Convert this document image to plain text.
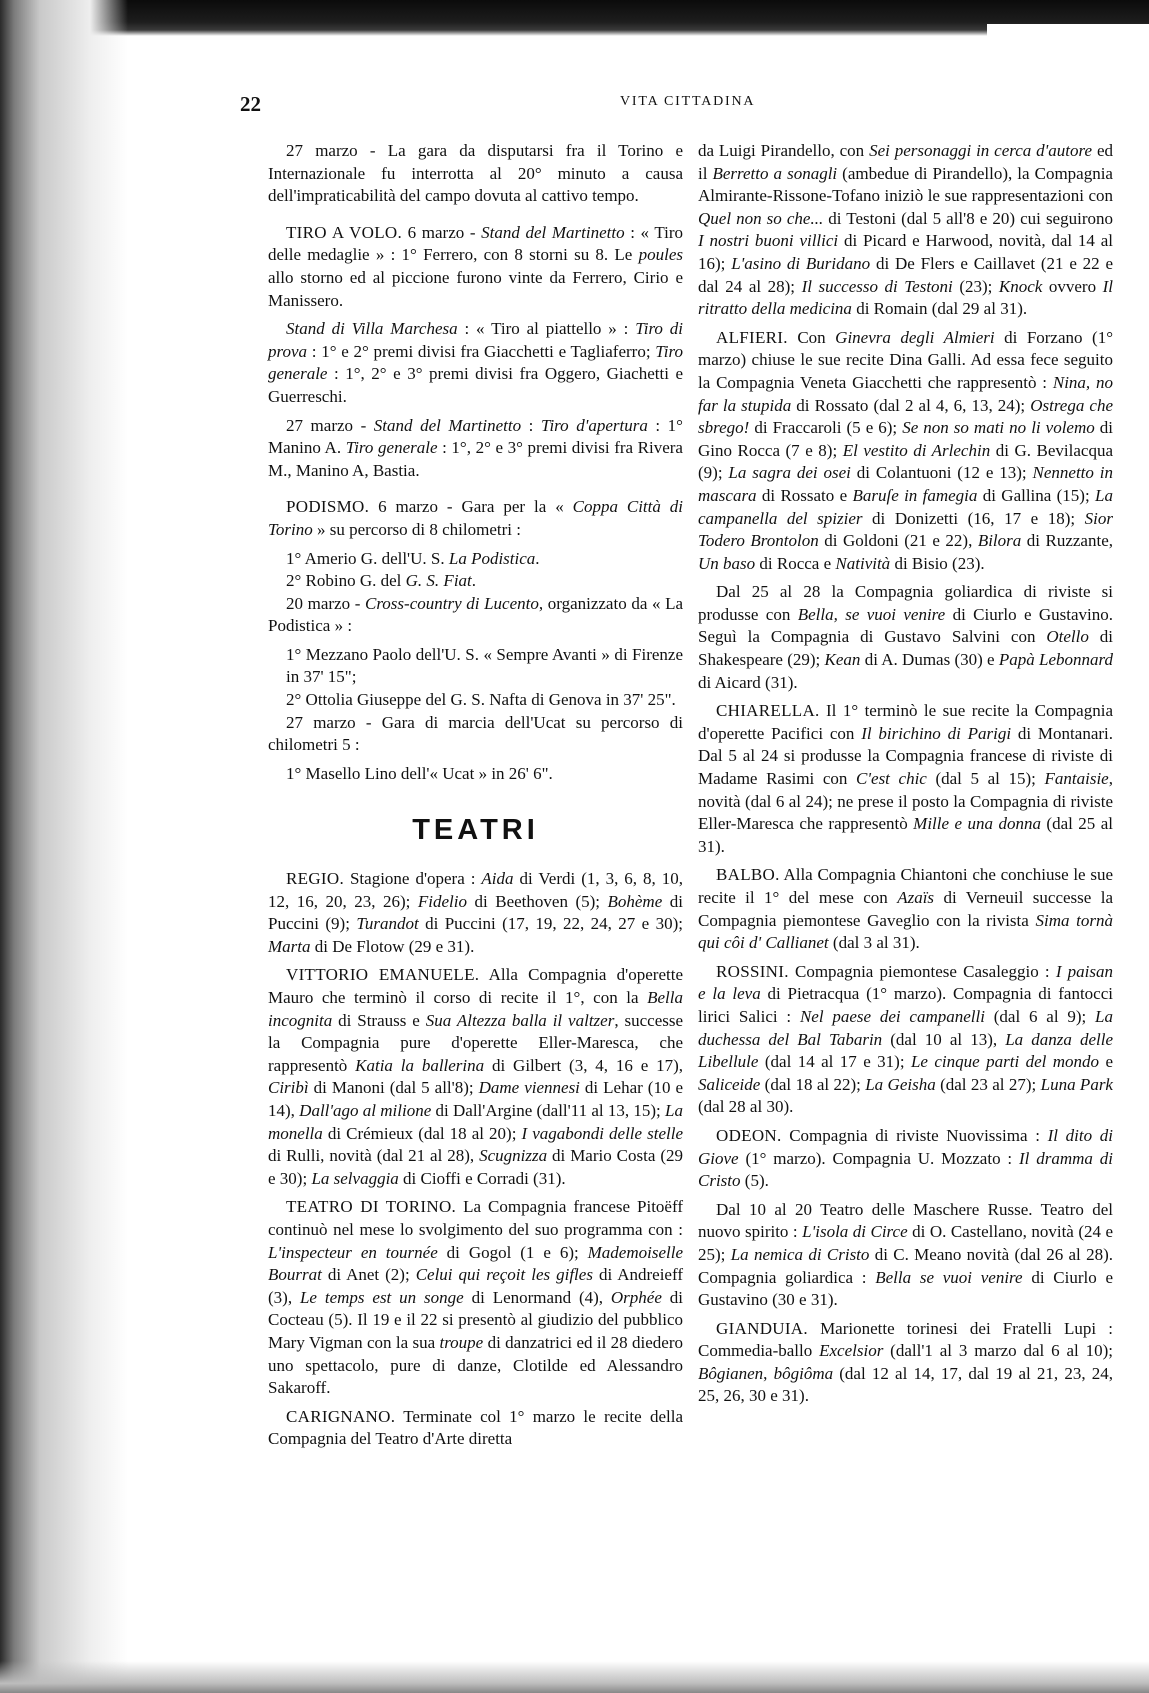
22	VITA CITTADINA

27 marzo - La gara da disputarsi fra il Torino e Internazionale fu interrotta al 20° minuto a causa dell'impraticabilità del campo dovuta al cattivo tempo.

TIRO A VOLO. 6 marzo - Stand del Martinetto : « Tiro delle medaglie » : 1° Ferrero, con 8 storni su 8. Le poules allo storno ed al piccione furono vinte da Ferrero, Cirio e Manissero.

Stand di Villa Marchesa : « Tiro al piattello » : Tiro di prova : 1° e 2° premi divisi fra Giacchetti e Tagliaferro; Tiro generale : 1°, 2° e 3° premi divisi fra Oggero, Giachetti e Guerreschi.

27 marzo - Stand del Martinetto : Tiro d'apertura : 1° Manino A. Tiro generale : 1°, 2° e 3° premi divisi fra Rivera M., Manino A, Bastia.

PODISMO. 6 marzo - Gara per la « Coppa Città di Torino » su percorso di 8 chilometri :

1° Amerio G. dell'U. S. La Podistica.

2° Robino G. del G. S. Fiat.

20 marzo - Cross-country di Lucento, organizzato da « La Podistica » :

1° Mezzano Paolo dell'U. S. « Sempre Avanti » di Firenze in 37' 15";

2° Ottolia Giuseppe del G. S. Nafta di Genova in 37' 25".

27 marzo - Gara di marcia dell'Ucat su percorso di chilometri 5 :

1° Masello Lino dell'« Ucat » in 26' 6".

TEATRI

REGIO. Stagione d'opera : Aida di Verdi (1, 3, 6, 8, 10, 12, 16, 20, 23, 26); Fidelio di Beethoven (5); Bohème di Puccini (9); Turandot di Puccini (17, 19, 22, 24, 27 e 30); Marta di De Flotow (29 e 31).

VITTORIO EMANUELE. Alla Compagnia d'operette Mauro che terminò il corso di recite il 1°, con la Bella incognita di Strauss e Sua Altezza balla il valtzer, successe la Compagnia pure d'operette Eller-Maresca, che rappresentò Katia la ballerina di Gilbert (3, 4, 16 e 17), Ciribì di Manoni (dal 5 all'8); Dame viennesi di Lehar (10 e 14), Dall'ago al milione di Dall'Argine (dall'11 al 13, 15); La monella di Crémieux (dal 18 al 20); I vagabondi delle stelle di Rulli, novità (dal 21 al 28), Scugnizza di Mario Costa (29 e 30); La selvaggia di Cioffi e Corradi (31).

TEATRO DI TORINO. La Compagnia francese Pitoëff continuò nel mese lo svolgimento del suo programma con : L'inspecteur en tournée di Gogol (1 e 6); Mademoiselle Bourrat di Anet (2); Celui qui reçoit les gifles di Andreieff (3), Le temps est un songe di Lenormand (4), Orphée di Cocteau (5). Il 19 e il 22 si presentò al giudizio del pubblico Mary Vigman con la sua troupe di danzatrici ed il 28 diedero uno spettacolo, pure di danze, Clotilde ed Alessandro Sakaroff.

CARIGNANO. Terminate col 1° marzo le recite della Compagnia del Teatro d'Arte diretta

da Luigi Pirandello, con Sei personaggi in cerca d'autore ed il Berretto a sonagli (ambedue di Pirandello), la Compagnia Almirante-Rissone-Tofano iniziò le sue rappresentazioni con Quel non so che... di Testoni (dal 5 all'8 e 20) cui seguirono I nostri buoni villici di Picard e Harwood, novità, dal 14 al 16); L'asino di Buridano di De Flers e Caillavet (21 e 22 e dal 24 al 28); Il successo di Testoni (23); Knock ovvero Il ritratto della medicina di Romain (dal 29 al 31).

ALFIERI. Con Ginevra degli Almieri di Forzano (1° marzo) chiuse le sue recite Dina Galli. Ad essa fece seguito la Compagnia Veneta Giacchetti che rappresentò : Nina, no far la stupida di Rossato (dal 2 al 4, 6, 13, 24); Ostrega che sbrego! di Fraccaroli (5 e 6); Se non so mati no li volemo di Gino Rocca (7 e 8); El vestito di Arlechin di G. Bevilacqua (9); La sagra dei osei di Colantuoni (12 e 13); Nennetto in mascara di Rossato e Baruſe in famegia di Gallina (15); La campanella del spizier di Donizetti (16, 17 e 18); Sior Todero Brontolon di Goldoni (21 e 22), Bilora di Ruzzante, Un baso di Rocca e Natività di Bisio (23).

Dal 25 al 28 la Compagnia goliardica di riviste si produsse con Bella, se vuoi venire di Ciurlo e Gustavino. Seguì la Compagnia di Gustavo Salvini con Otello di Shakespeare (29); Kean di A. Dumas (30) e Papà Lebonnard di Aicard (31).

CHIARELLA. Il 1° terminò le sue recite la Compagnia d'operette Pacifici con Il birichino di Parigi di Montanari. Dal 5 al 24 si produsse la Compagnia francese di riviste di Madame Rasimi con C'est chic (dal 5 al 15); Fantaisie, novità (dal 6 al 24); ne prese il posto la Compagnia di riviste Eller-Maresca che rappresentò Mille e una donna (dal 25 al 31).

BALBO. Alla Compagnia Chiantoni che conchiuse le sue recite il 1° del mese con Azaïs di Verneuil successe la Compagnia piemontese Gaveglio con la rivista Sima tornà qui côi d' Callianet (dal 3 al 31).

ROSSINI. Compagnia piemontese Casaleggio : I paisan e la leva di Pietracqua (1° marzo). Compagnia di fantocci lirici Salici : Nel paese dei campanelli (dal 6 al 9); La duchessa del Bal Tabarin (dal 10 al 13), La danza delle Libellule (dal 14 al 17 e 31); Le cinque parti del mondo e Saliceide (dal 18 al 22); La Geisha (dal 23 al 27); Luna Park (dal 28 al 30).

ODEON. Compagnia di riviste Nuovissima : Il dito di Giove (1° marzo). Compagnia U. Mozzato : Il dramma di Cristo (5).

Dal 10 al 20 Teatro delle Maschere Russe. Teatro del nuovo spirito : L'isola di Circe di O. Castellano, novità (24 e 25); La nemica di Cristo di C. Meano novità (dal 26 al 28). Compagnia goliardica : Bella se vuoi venire di Ciurlo e Gustavino (30 e 31).

GIANDUIA. Marionette torinesi dei Fratelli Lupi : Commedia-ballo Excelsior (dall'1 al 3 marzo dal 6 al 10); Bôgianen, bôgiôma (dal 12 al 14, 17, dal 19 al 21, 23, 24, 25, 26, 30 e 31).
